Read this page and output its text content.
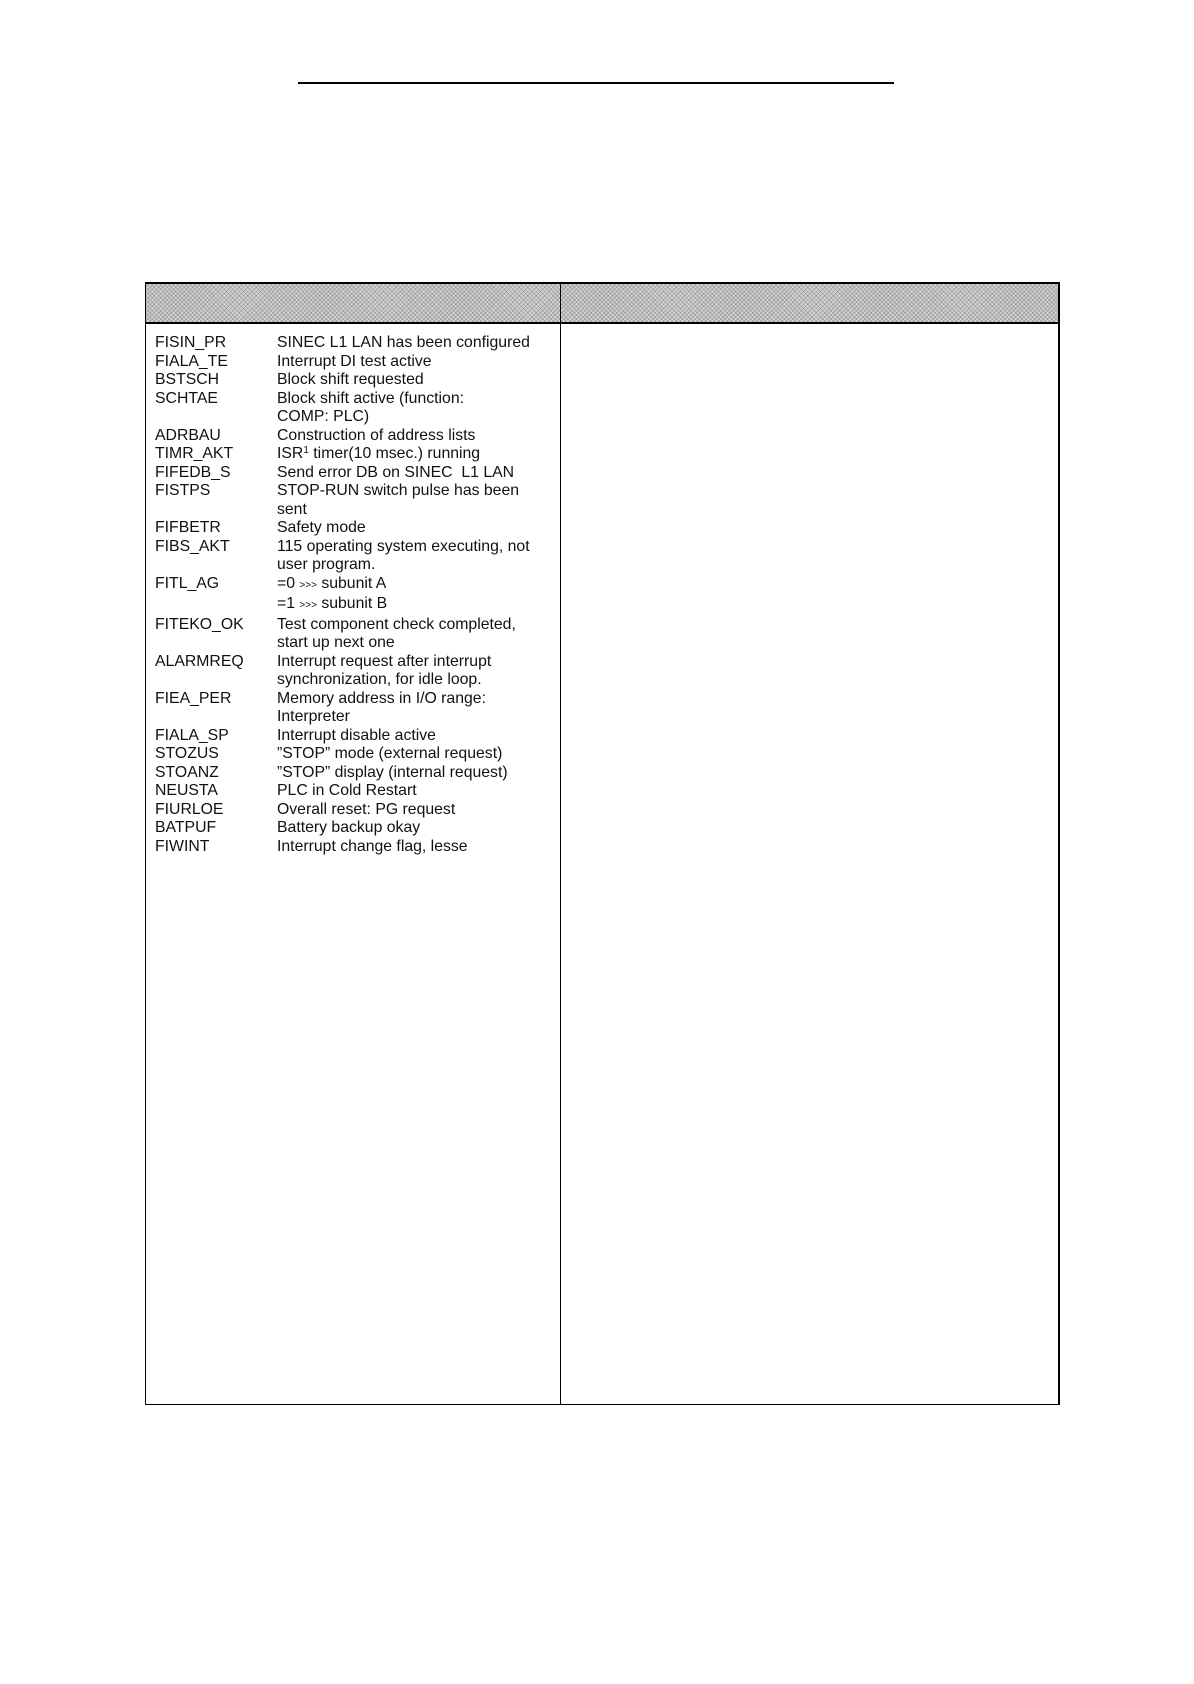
FISIN_PR	SINEC L1 LAN has been configured
FIALA_TE	Interrupt DI test active
BSTSCH	Block shift requested
SCHTAE	Block shift active (function:
COMP: PLC)
ADRBAU	Construction of address lists
TIMR_AKT	ISR$^1$ timer(10 msec.) running
FIFEDB_S	Send error DB on SINEC  L1 LAN
FISTPS	STOP-RUN switch pulse has been
sent
FIFBETR	Safety mode
FIBS_AKT	115 operating system executing, not
user program.
FITL_AG	=0 >>> subunit A
=1 >>> subunit B
FITEKO_OK	Test component check completed,
start up next one
ALARMREQ	Interrupt request after interrupt
synchronization, for idle loop.
FIEA_PER	Memory address in I/O range:
Interpreter
FIALA_SP	Interrupt disable active
STOZUS	”STOP” mode (external request)
STOANZ	”STOP” display (internal request)
NEUSTA	PLC in Cold Restart
FIURLOE	Overall reset: PG request
BATPUF	Battery backup okay
FIWINT	Interrupt change flag, lesse
